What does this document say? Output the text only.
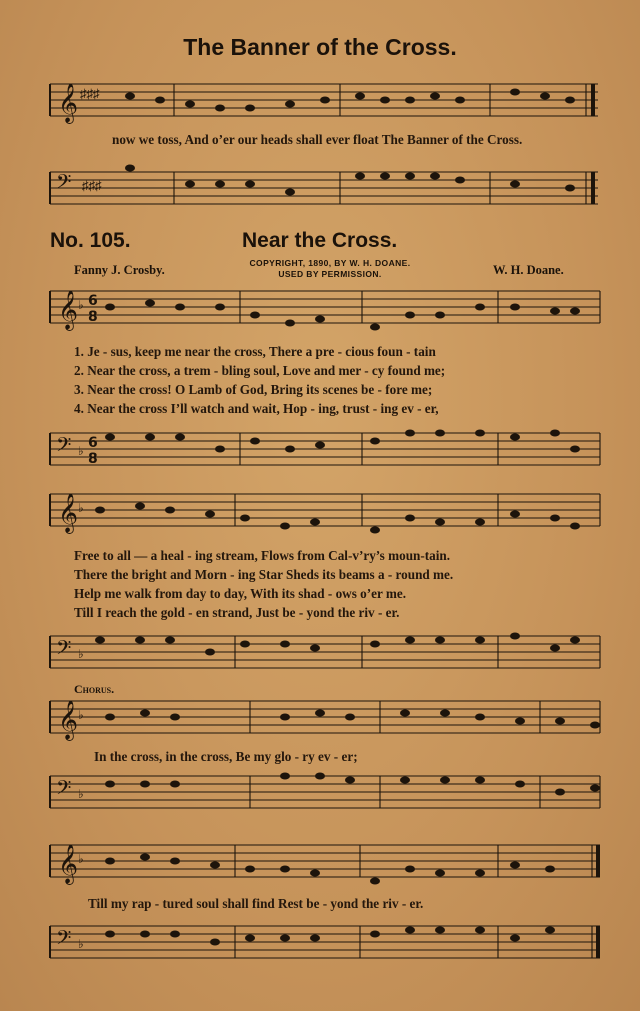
The Banner of the Cross.
𝄞 ♯♯♯
now we toss, And o’er our heads shall ever float The Banner of the Cross.
𝄢 ♯♯♯
No. 105.	Near the Cross.
Fanny J. Crosby.	COPYRIGHT, 1890, BY W. H. DOANE.
USED BY PERMISSION.	W. H. Doane.
𝄞 ♭ 6
8
1. Je - sus, keep me near the cross, There a pre - cious foun - tain
2. Near the cross, a trem - bling soul, Love and mer - cy found me;
3. Near the cross! O Lamb of God, Bring its scenes be - fore me;
4. Near the cross I’ll watch and wait, Hop - ing, trust - ing ev - er,
𝄢 ♭ 6
8
𝄞 ♭
Free to all — a heal - ing stream, Flows from Cal-v’ry’s moun-tain.
There the bright and Morn - ing Star Sheds its beams a - round me.
Help me walk from day to day, With its shad - ows o’er me.
Till I reach the gold - en strand, Just be - yond the riv - er.
𝄢 ♭
Chorus.
𝄞 ♭
In the cross, in the cross, Be my glo - ry ev - er;
𝄢 ♭
𝄞 ♭
Till my rap - tured soul shall find Rest be - yond the riv - er.
𝄢 ♭
